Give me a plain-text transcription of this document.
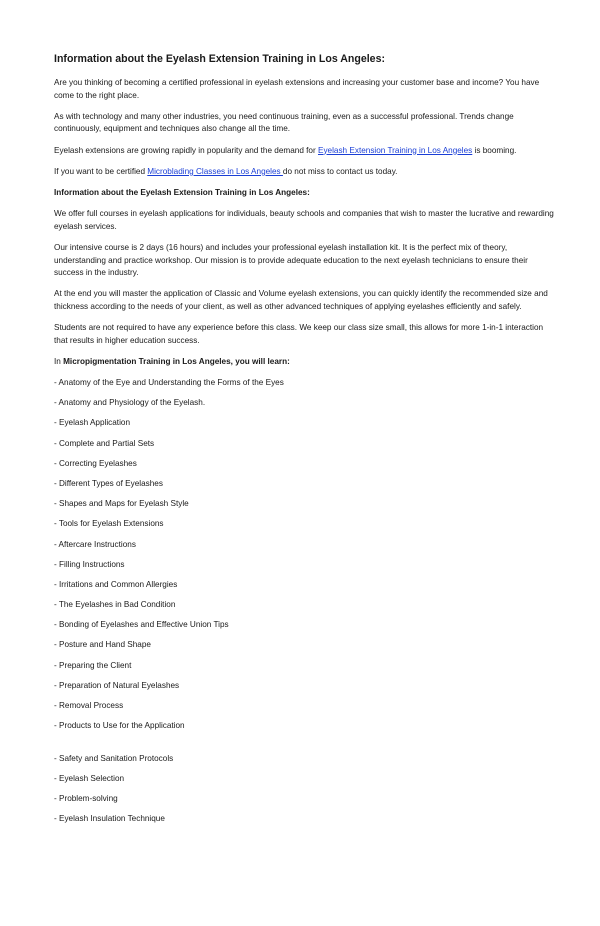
Information about the Eyelash Extension Training in Los Angeles:

Are you thinking of becoming a certified professional in eyelash extensions and increasing your customer base and income? You have come to the right place.

As with technology and many other industries, you need continuous training, even as a successful professional. Trends change continuously, equipment and techniques also change all the time.

Eyelash extensions are growing rapidly in popularity and the demand for Eyelash Extension Training in Los Angeles is booming.

If you want to be certified Microblading Classes in Los Angeles do not miss to contact us today.

Information about the Eyelash Extension Training in Los Angeles:

We offer full courses in eyelash applications for individuals, beauty schools and companies that wish to master the lucrative and rewarding eyelash services.

Our intensive course is 2 days (16 hours) and includes your professional eyelash installation kit. It is the perfect mix of theory, understanding and practice workshop. Our mission is to provide adequate education to the next eyelash technicians to ensure their success in the industry.

At the end you will master the application of Classic and Volume eyelash extensions, you can quickly identify the recommended size and thickness according to the needs of your client, as well as other advanced techniques of applying eyelashes efficiently and safely.

Students are not required to have any experience before this class. We keep our class size small, this allows for more 1-in-1 interaction that results in higher education success.

In Micropigmentation Training in Los Angeles, you will learn:

- Anatomy of the Eye and Understanding the Forms of the Eyes

- Anatomy and Physiology of the Eyelash.

- Eyelash Application

- Complete and Partial Sets

- Correcting Eyelashes

- Different Types of Eyelashes

- Shapes and Maps for Eyelash Style

- Tools for Eyelash Extensions

- Aftercare Instructions

- Filling Instructions

- Irritations and Common Allergies

- The Eyelashes in Bad Condition

- Bonding of Eyelashes and Effective Union Tips

- Posture and Hand Shape

- Preparing the Client

- Preparation of Natural Eyelashes

- Removal Process

- Products to Use for the Application

- Safety and Sanitation Protocols

- Eyelash Selection

- Problem-solving

- Eyelash Insulation Technique
